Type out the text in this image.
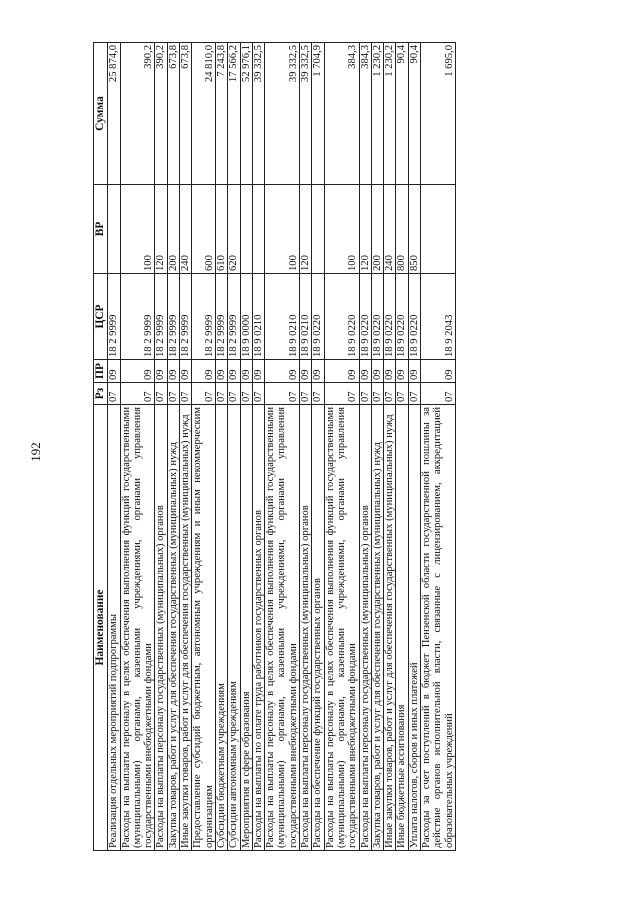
192
Наименование	Рз	ПР	ЦСР	ВР	Сумма
Реализация отдельных мероприятий подпрограммы	07	09	18 2 9999		25 874,0
Расходы на выплаты персоналу в целях обеспечения выполнения функций государственными (муниципальными) органами, казенными учреждениями, органами управления государственными внебюджетными фондами	07	09	18 2 9999	100	390,2
Расходы на выплаты персоналу государственных (муниципальных) органов	07	09	18 2 9999	120	390,2
Закупка товаров, работ и услуг для обеспечения государственных (муниципальных) нужд	07	09	18 2 9999	200	673,8
Иные закупки товаров, работ и услуг для обеспечения государственных (муниципальных) нужд	07	09	18 2 9999	240	673,8
Предоставление субсидий бюджетным, автономным учреждениям и иным некоммерческим организациям	07	09	18 2 9999	600	24 810,0
Субсидии бюджетным учреждениям	07	09	18 2 9999	610	7 243,8
Субсидии автономным учреждениям	07	09	18 2 9999	620	17 566,2
Мероприятия в сфере образования	07	09	18 9 0000		52 976,1
Расходы на выплаты по оплате труда работников государственных органов	07	09	18 9 0210		39 332,5
Расходы на выплаты персоналу в целях обеспечения выполнения функций государственными (муниципальными) органами, казенными учреждениями, органами управления государственными внебюджетными фондами	07	09	18 9 0210	100	39 332,5
Расходы на выплаты персоналу государственных (муниципальных) органов	07	09	18 9 0210	120	39 332,5
Расходы на обеспечение функций государственных органов	07	09	18 9 0220		1 704,9
Расходы на выплаты персоналу в целях обеспечения выполнения функций государственными (муниципальными) органами, казенными учреждениями, органами управления государственными внебюджетными фондами	07	09	18 9 0220	100	384,3
Расходы на выплаты персоналу государственных (муниципальных) органов	07	09	18 9 0220	120	384,3
Закупка товаров, работ и услуг для обеспечения государственных (муниципальных) нужд	07	09	18 9 0220	200	1 230,2
Иные закупки товаров, работ и услуг для обеспечения государственных (муниципальных) нужд	07	09	18 9 0220	240	1 230,2
Иные бюджетные ассигнования	07	09	18 9 0220	800	90,4
Уплата налогов, сборов и иных платежей	07	09	18 9 0220	850	90,4
Расходы за счет поступлений в бюджет Пензенской области государственной пошлины за действие органов исполнительной власти, связанные с лицензированием, аккредитацией образовательных учреждений	07	09	18 9 2043		1 695,0
